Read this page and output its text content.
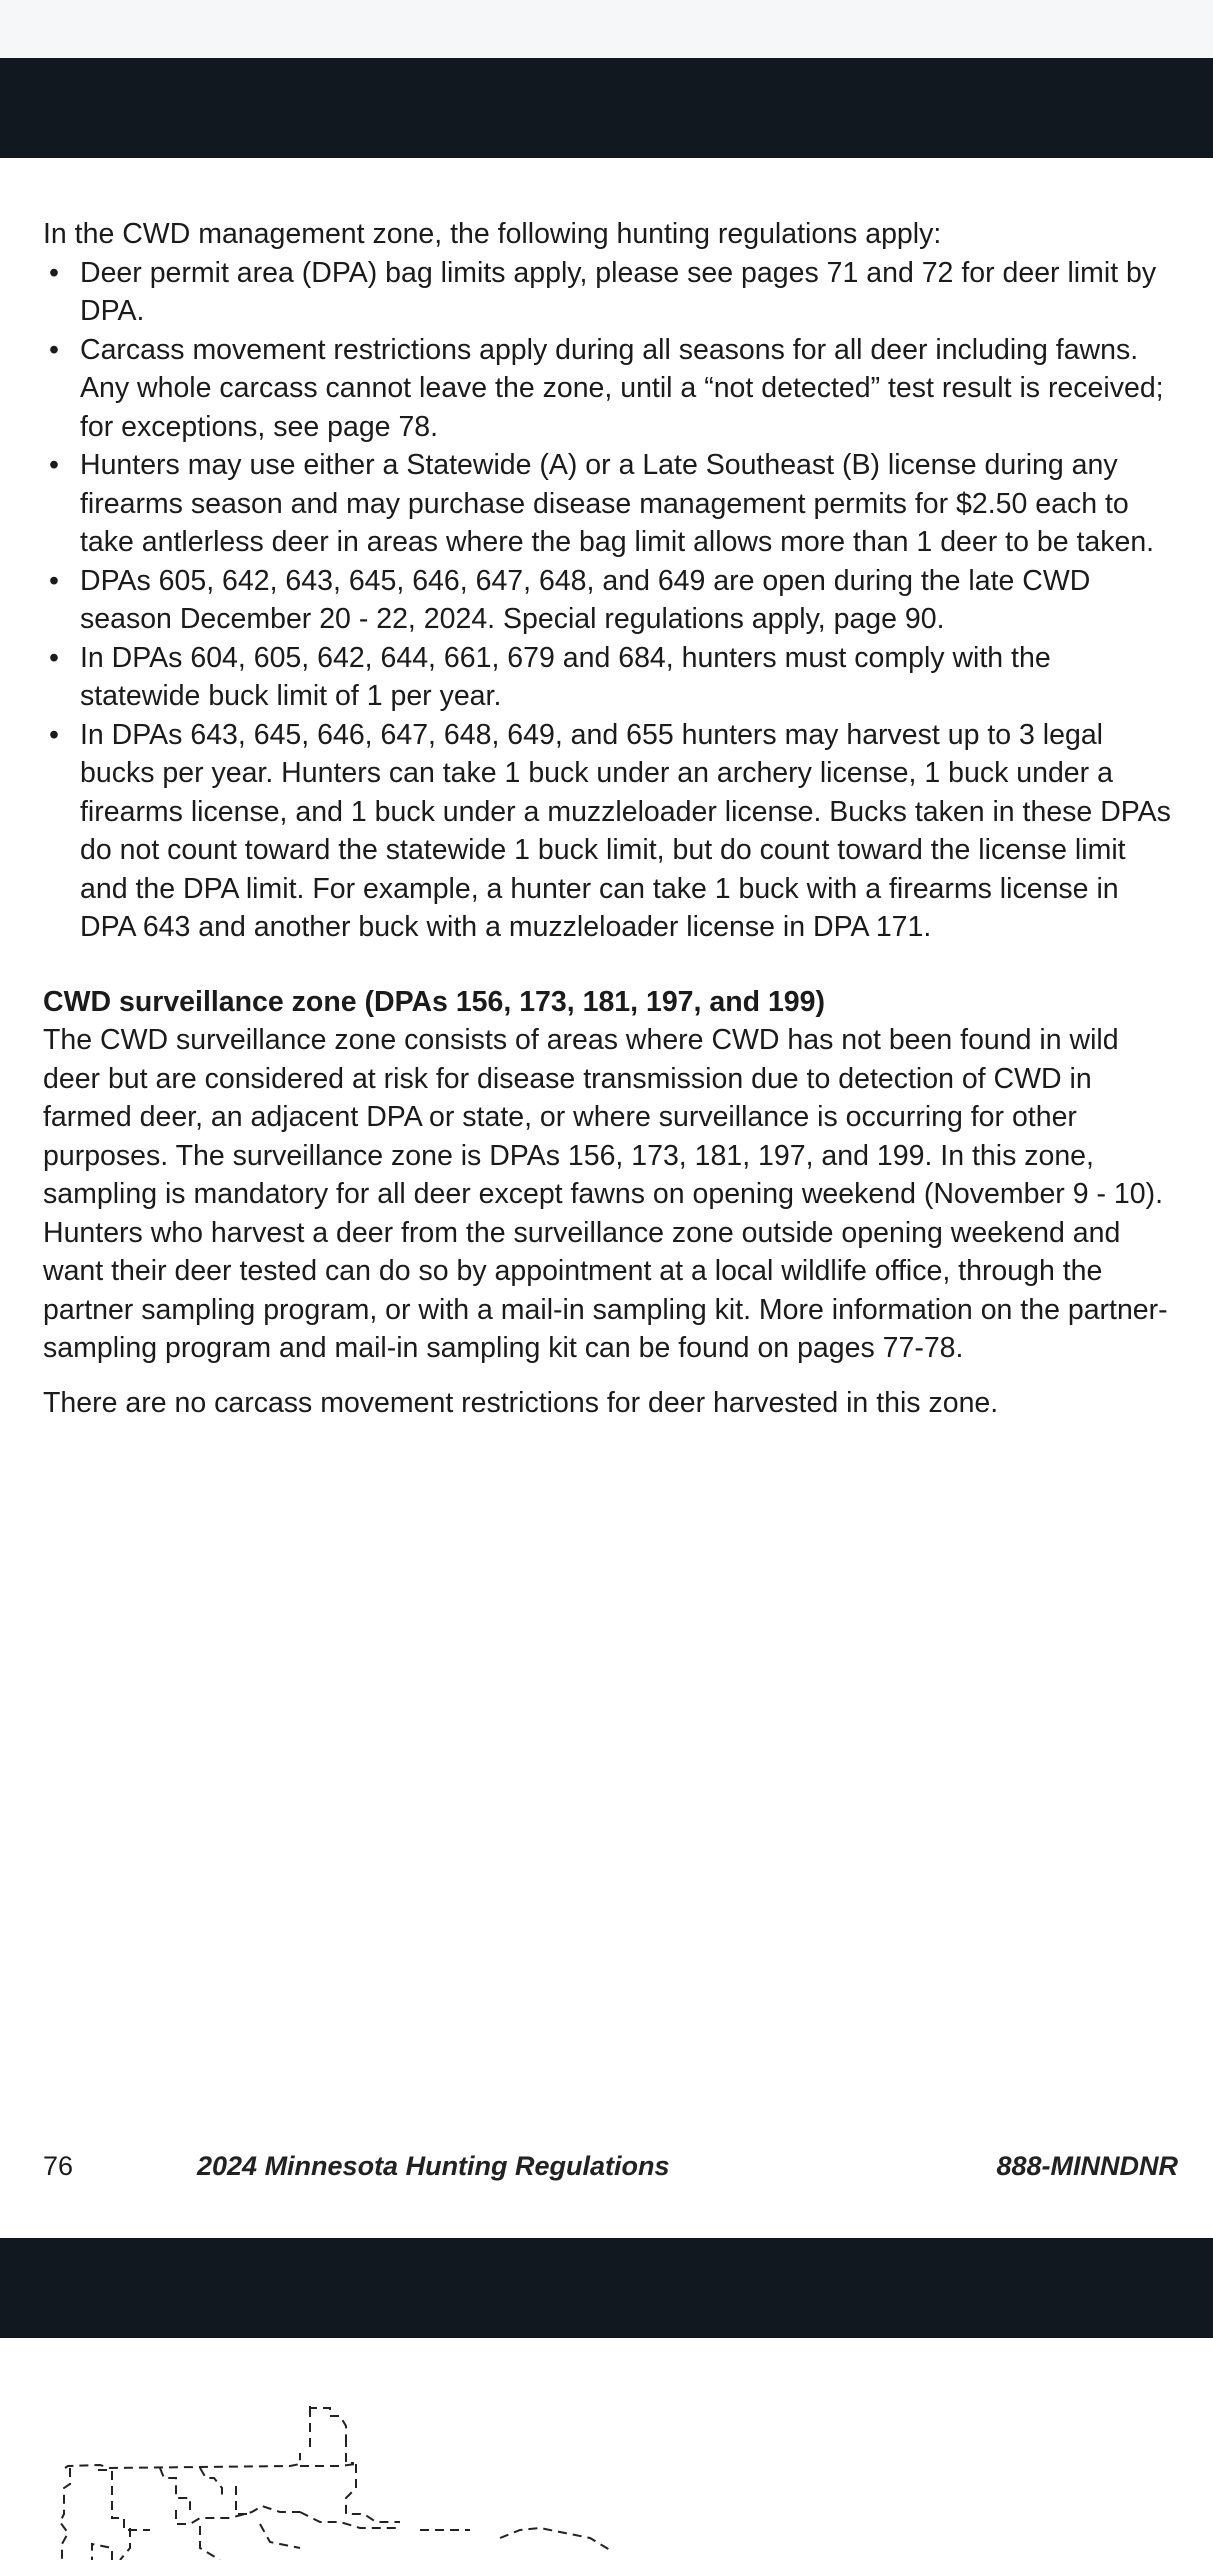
In the CWD management zone, the following hunting regulations apply:

• Deer permit area (DPA) bag limits apply, please see pages 71 and 72 for deer limit by DPA.
• Carcass movement restrictions apply during all seasons for all deer including fawns. Any whole carcass cannot leave the zone, until a “not detected” test result is received; for exceptions, see page 78.
• Hunters may use either a Statewide (A) or a Late Southeast (B) license during any firearms season and may purchase disease management permits for $2.50 each to take antlerless deer in areas where the bag limit allows more than 1 deer to be taken.
• DPAs 605, 642, 643, 645, 646, 647, 648, and 649 are open during the late CWD season December 20 - 22, 2024. Special regulations apply, page 90.
• In DPAs 604, 605, 642, 644, 661, 679 and 684, hunters must comply with the statewide buck limit of 1 per year.
• In DPAs 643, 645, 646, 647, 648, 649, and 655 hunters may harvest up to 3 legal bucks per year. Hunters can take 1 buck under an archery license, 1 buck under a firearms license, and 1 buck under a muzzleloader license. Bucks taken in these DPAs do not count toward the statewide 1 buck limit, but do count toward the license limit and the DPA limit. For example, a hunter can take 1 buck with a firearms license in DPA 643 and another buck with a muzzleloader license in DPA 171.
CWD surveillance zone (DPAs 156, 173, 181, 197, and 199)

The CWD surveillance zone consists of areas where CWD has not been found in wild deer but are considered at risk for disease transmission due to detection of CWD in farmed deer, an adjacent DPA or state, or where surveillance is occurring for other purposes. The surveillance zone is DPAs 156, 173, 181, 197, and 199. In this zone, sampling is mandatory for all deer except fawns on opening weekend (November 9 - 10). Hunters who harvest a deer from the surveillance zone outside opening weekend and want their deer tested can do so by appointment at a local wildlife office, through the partner sampling program, or with a mail-in sampling kit. More information on the partner-sampling program and mail-in sampling kit can be found on pages 77-78.

There are no carcass movement restrictions for deer harvested in this zone.

76	2024 Minnesota Hunting Regulations	888-MINNDNR
